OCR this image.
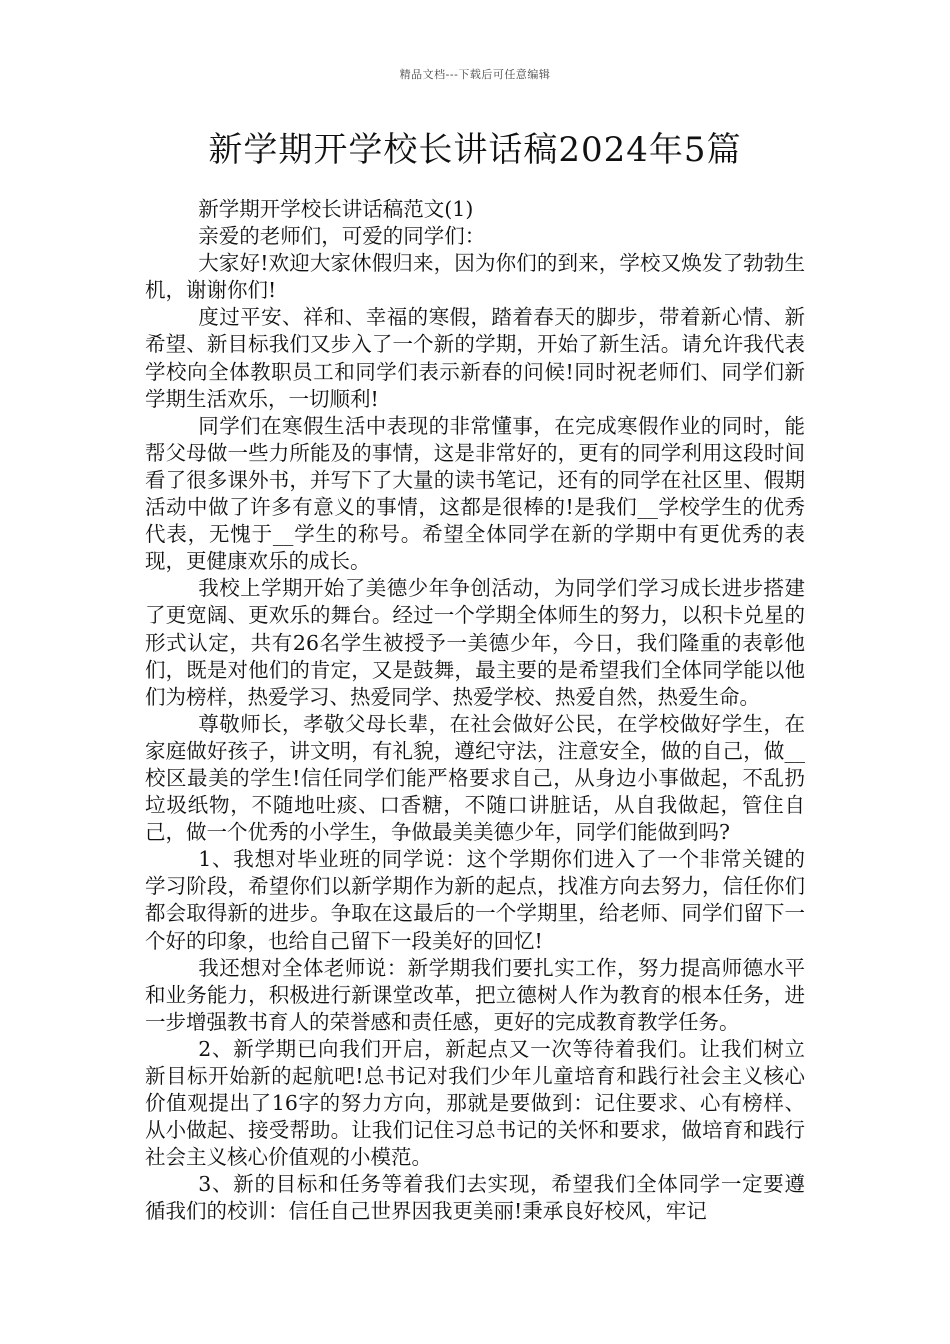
精品文档---下载后可任意编辑
新学期开学校长讲话稿2024年5篇

新学期开学校长讲话稿范文(1)

亲爱的老师们，可爱的同学们：

大家好!欢迎大家休假归来，因为你们的到来，学校又焕发了勃勃生机，谢谢你们!

度过平安、祥和、幸福的寒假，踏着春天的脚步，带着新心情、新希望、新目标我们又步入了一个新的学期，开始了新生活。请允许我代表学校向全体教职员工和同学们表示新春的问候!同时祝老师们、同学们新学期生活欢乐，一切顺利!

同学们在寒假生活中表现的非常懂事，在完成寒假作业的同时，能帮父母做一些力所能及的事情，这是非常好的，更有的同学利用这段时间看了很多课外书，并写下了大量的读书笔记，还有的同学在社区里、假期活动中做了许多有意义的事情，这都是很棒的!是我们__学校学生的优秀代表，无愧于__学生的称号。希望全体同学在新的学期中有更优秀的表现，更健康欢乐的成长。

我校上学期开始了美德少年争创活动，为同学们学习成长进步搭建了更宽阔、更欢乐的舞台。经过一个学期全体师生的努力，以积卡兑星的形式认定，共有26名学生被授予一美德少年，今日，我们隆重的表彰他们，既是对他们的肯定，又是鼓舞，最主要的是希望我们全体同学能以他们为榜样，热爱学习、热爱同学、热爱学校、热爱自然，热爱生命。

尊敬师长，孝敬父母长辈，在社会做好公民，在学校做好学生，在家庭做好孩子，讲文明，有礼貌，遵纪守法，注意安全，做的自己，做__校区最美的学生!信任同学们能严格要求自己，从身边小事做起，不乱扔垃圾纸物，不随地吐痰、口香糖，不随口讲脏话，从自我做起，管住自己，做一个优秀的小学生，争做最美美德少年，同学们能做到吗?

1、我想对毕业班的同学说：这个学期你们进入了一个非常关键的学习阶段，希望你们以新学期作为新的起点，找准方向去努力，信任你们都会取得新的进步。争取在这最后的一个学期里，给老师、同学们留下一个好的印象，也给自己留下一段美好的回忆!

我还想对全体老师说：新学期我们要扎实工作，努力提高师德水平和业务能力，积极进行新课堂改革，把立德树人作为教育的根本任务，进一步增强教书育人的荣誉感和责任感，更好的完成教育教学任务。

2、新学期已向我们开启，新起点又一次等待着我们。让我们树立新目标开始新的起航吧!总书记对我们少年儿童培育和践行社会主义核心价值观提出了16字的努力方向，那就是要做到：记住要求、心有榜样、从小做起、接受帮助。让我们记住习总书记的关怀和要求，做培育和践行社会主义核心价值观的小模范。

3、新的目标和任务等着我们去实现，希望我们全体同学一定要遵循我们的校训：信任自己世界因我更美丽!秉承良好校风，牢记
